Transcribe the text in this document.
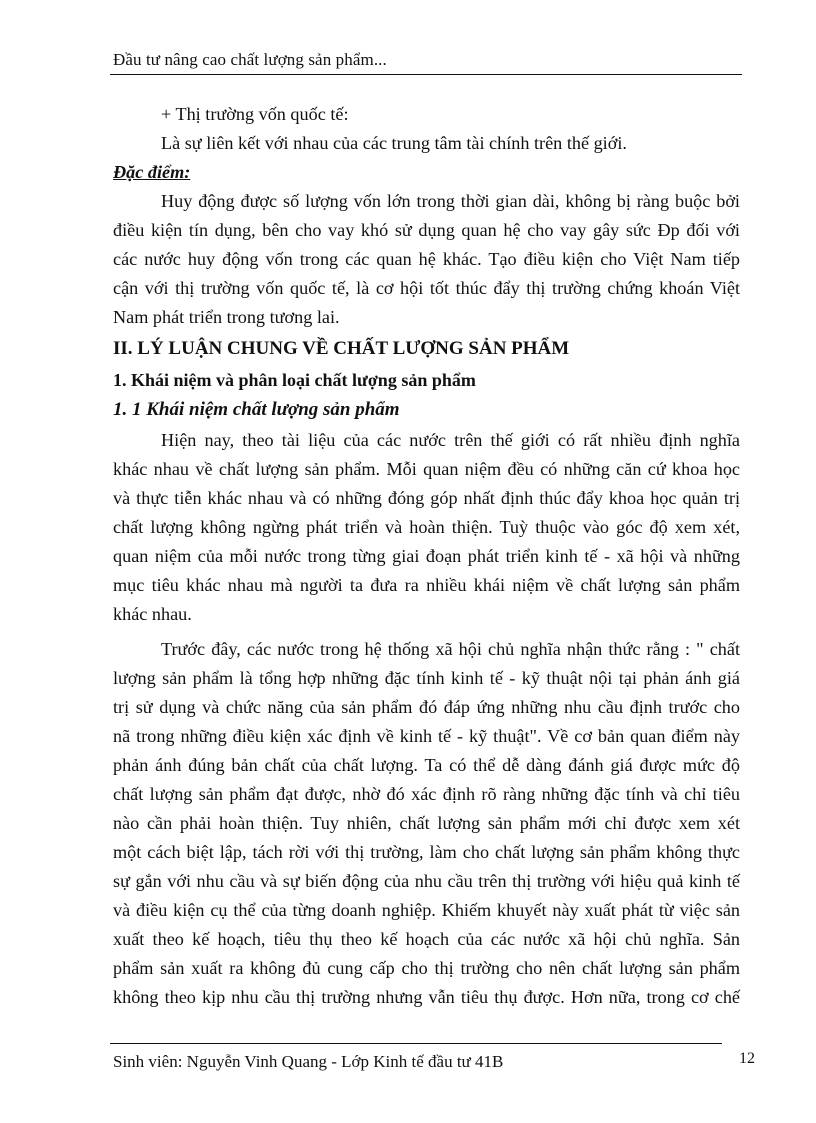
Đầu tư nâng cao chất lượng sản phẩm...
+ Thị trường vốn quốc tế:
Là sự liên kết với nhau của các trung tâm tài chính trên thế giới.
Đặc điểm:
Huy động được số lượng vốn lớn trong thời gian dài, không bị ràng buộc bởi
điều kiện tín dụng, bên cho vay khó sử dụng quan hệ cho vay gây sức Đp đối với
các nước huy động vốn trong các quan hệ khác. Tạo điều kiện cho Việt Nam tiếp
cận với thị trường vốn quốc tế, là cơ hội tốt thúc đẩy thị trường chứng khoán Việt
Nam phát triển trong tương lai.
II. LÝ LUẬN CHUNG VỀ CHẤT LƯỢNG SẢN PHẨM
1. Khái niệm và phân loại chất lượng sản phẩm
1. 1 Khái niệm chất lượng sản phẩm
Hiện nay, theo tài liệu của các nước trên thế giới có rất nhiều định nghĩa
khác nhau về chất lượng sản phẩm. Mỗi quan niệm đều có những căn cứ khoa học
và thực tiễn khác nhau và có những đóng góp nhất định thúc đẩy khoa học quản trị
chất lượng không ngừng phát triển và hoàn thiện. Tuỳ thuộc vào góc độ xem xét,
quan niệm của mỗi nước trong từng giai đoạn phát triển kinh tế - xã hội và những
mục tiêu khác nhau mà người ta đưa ra nhiều khái niệm về chất lượng sản phẩm
khác nhau.
Trước đây, các nước trong hệ thống xã hội chủ nghĩa nhận thức rằng : " chất
lượng sản phẩm là tổng hợp những đặc tính kinh tế - kỹ thuật nội tại phản ánh giá
trị sử dụng và chức năng của sản phẩm đó đáp ứng những nhu cầu định trước cho
nã trong những điều kiện xác định về kinh tế - kỹ thuật". Về cơ bản quan điểm này
phản ánh đúng bản chất của chất lượng. Ta có thể dễ dàng đánh giá được mức độ
chất lượng sản phẩm đạt được, nhờ đó xác định rõ ràng những đặc tính và chỉ tiêu
nào cần phải hoàn thiện. Tuy nhiên, chất lượng sản phẩm mới chỉ được xem xét
một cách biệt lập, tách rời với thị trường, làm cho chất lượng sản phẩm không thực
sự gắn với nhu cầu và sự biến động của nhu cầu trên thị trường với hiệu quả kinh tế
và điều kiện cụ thể của từng doanh nghiệp. Khiếm khuyết này xuất phát từ việc sản
xuất theo kế hoạch, tiêu thụ theo kế hoạch của các nước xã hội chủ nghĩa. Sản
phẩm sản xuất ra không đủ cung cấp cho thị trường cho nên chất lượng sản phẩm
không theo kịp nhu cầu thị trường nhưng vẫn tiêu thụ được. Hơn nữa, trong cơ chế
Sinh viên: Nguyễn Vinh Quang - Lớp Kinh tế đầu tư 41B	12
